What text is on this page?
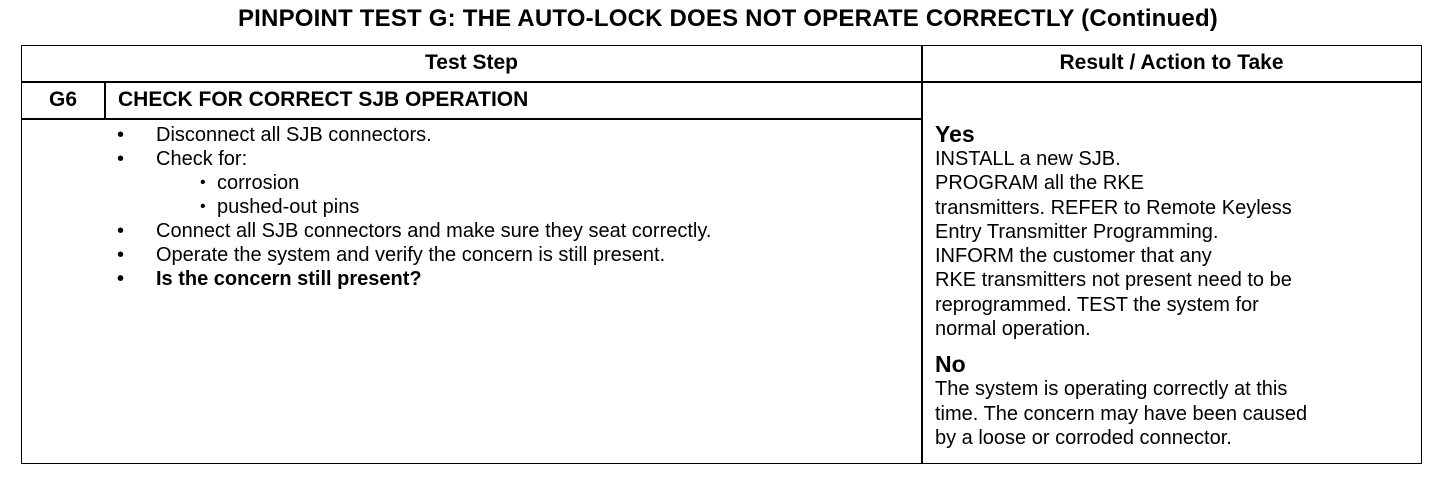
PINPOINT TEST G: THE AUTO-LOCK DOES NOT OPERATE CORRECTLY (Continued)
Test Step	Result / Action to Take
G6	CHECK FOR CORRECT SJB OPERATION
• Disconnect all SJB connectors.
• Check for:
• corrosion
• pushed-out pins
• Connect all SJB connectors and make sure they seat correctly.
• Operate the system and verify the concern is still present.
• Is the concern still present?
Yes

INSTALL a new SJB.

PROGRAM all the RKE

transmitters. REFER to Remote Keyless

Entry Transmitter Programming.

INFORM the customer that any

RKE transmitters not present need to be

reprogrammed. TEST the system for

normal operation.

No

The system is operating correctly at this

time. The concern may have been caused

by a loose or corroded connector.
